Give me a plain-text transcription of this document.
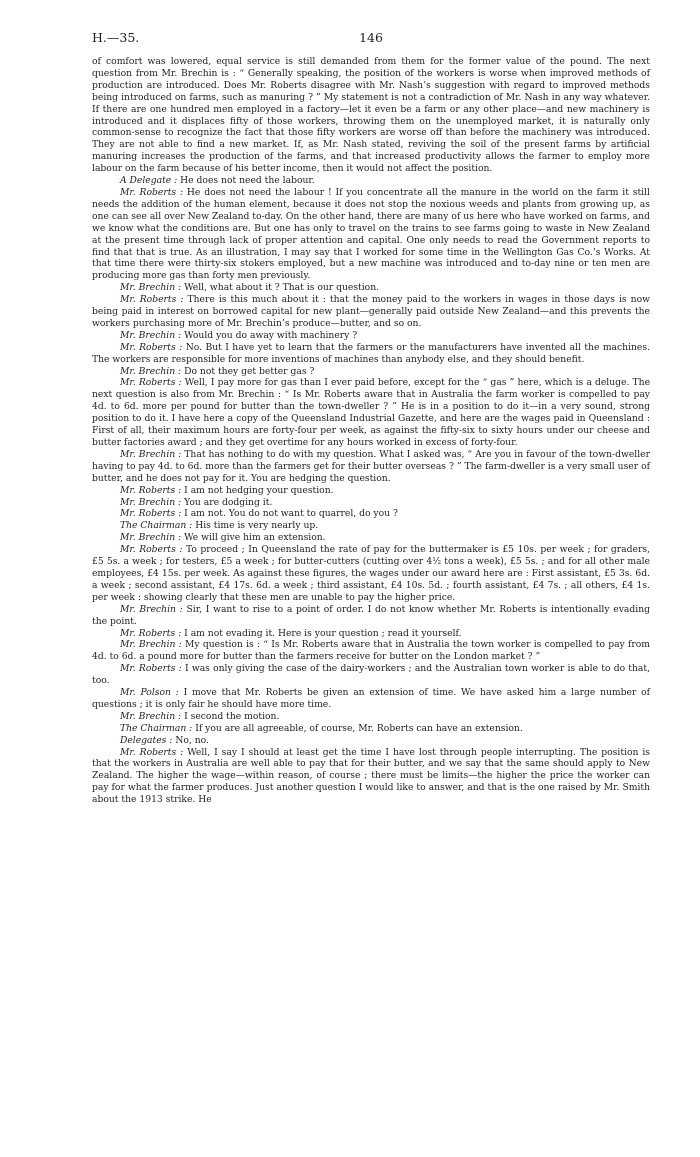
H.—35.	146

of comfort was lowered, equal service is still demanded from them for the former value of the pound. The next question from Mr. Brechin is : “ Generally speaking, the position of the workers is worse when improved methods of production are introduced. Does Mr. Roberts disagree with Mr. Nash’s suggestion with regard to improved methods being introduced on farms, such as manuring ? ” My statement is not a contradiction of Mr. Nash in any way whatever. If there are one hundred men employed in a factory—let it even be a farm or any other place—and new machinery is introduced and it displaces fifty of those workers, throwing them on the unemployed market, it is naturally only common-sense to recognize the fact that those fifty workers are worse off than before the machinery was introduced. They are not able to find a new market. If, as Mr. Nash stated, reviving the soil of the present farms by artificial manuring increases the production of the farms, and that increased productivity allows the farmer to employ more labour on the farm because of his better income, then it would not affect the position.

A Delegate : He does not need the labour.

Mr. Roberts : He does not need the labour ! If you concentrate all the manure in the world on the farm it still needs the addition of the human element, because it does not stop the noxious weeds and plants from growing up, as one can see all over New Zealand to-day. On the other hand, there are many of us here who have worked on farms, and we know what the conditions are. But one has only to travel on the trains to see farms going to waste in New Zealand at the present time through lack of proper attention and capital. One only needs to read the Government reports to find that that is true. As an illustration, I may say that I worked for some time in the Wellington Gas Co.’s Works. At that time there were thirty-six stokers employed, but a new machine was introduced and to-day nine or ten men are producing more gas than forty men previously.

Mr. Brechin : Well, what about it ? That is our question.

Mr. Roberts : There is this much about it : that the money paid to the workers in wages in those days is now being paid in interest on borrowed capital for new plant—generally paid outside New Zealand—and this prevents the workers purchasing more of Mr. Brechin’s produce—butter, and so on.

Mr. Brechin : Would you do away with machinery ?

Mr. Roberts : No. But I have yet to learn that the farmers or the manufacturers have invented all the machines. The workers are responsible for more inventions of machines than anybody else, and they should benefit.

Mr. Brechin : Do not they get better gas ?

Mr. Roberts : Well, I pay more for gas than I ever paid before, except for the “ gas ” here, which is a deluge. The next question is also from Mr. Brechin : “ Is Mr. Roberts aware that in Australia the farm worker is compelled to pay 4d. to 6d. more per pound for butter than the town-dweller ? ” He is in a position to do it—in a very sound, strong position to do it. I have here a copy of the Queensland Industrial Gazette, and here are the wages paid in Queensland : First of all, their maximum hours are forty-four per week, as against the fifty-six to sixty hours under our cheese and butter factories award ; and they get overtime for any hours worked in excess of forty-four.

Mr. Brechin : That has nothing to do with my question. What I asked was, “ Are you in favour of the town-dweller having to pay 4d. to 6d. more than the farmers get for their butter overseas ? ” The farm-dweller is a very small user of butter, and he does not pay for it. You are hedging the question.

Mr. Roberts : I am not hedging your question.

Mr. Brechin : You are dodging it.

Mr. Roberts : I am not. You do not want to quarrel, do you ?

The Chairman : His time is very nearly up.

Mr. Brechin : We will give him an extension.

Mr. Roberts : To proceed ; In Queensland the rate of pay for the buttermaker is £5 10s. per week ; for graders, £5 5s. a week ; for testers, £5 a week ; for butter-cutters (cutting over 4½ tons a week), £5 5s. ; and for all other male employees, £4 15s. per week. As against these figures, the wages under our award here are : First assistant, £5 3s. 6d. a week ; second assistant, £4 17s. 6d. a week ; third assistant, £4 10s. 5d. ; fourth assistant, £4 7s. ; all others, £4 1s. per week : showing clearly that these men are unable to pay the higher price.

Mr. Brechin : Sir, I want to rise to a point of order. I do not know whether Mr. Roberts is intentionally evading the point.

Mr. Roberts : I am not evading it. Here is your question ; read it yourself.

Mr. Brechin : My question is : “ Is Mr. Roberts aware that in Australia the town worker is compelled to pay from 4d. to 6d. a pound more for butter than the farmers receive for butter on the London market ? ”

Mr. Roberts : I was only giving the case of the dairy-workers ; and the Australian town worker is able to do that, too.

Mr. Polson : I move that Mr. Roberts be given an extension of time. We have asked him a large number of questions ; it is only fair he should have more time.

Mr. Brechin : I second the motion.

The Chairman : If you are all agreeable, of course, Mr. Roberts can have an extension.

Delegates : No, no.

Mr. Roberts : Well, I say I should at least get the time I have lost through people interrupting. The position is that the workers in Australia are well able to pay that for their butter, and we say that the same should apply to New Zealand. The higher the wage—within reason, of course ; there must be limits—the higher the price the worker can pay for what the farmer produces. Just another question I would like to answer, and that is the one raised by Mr. Smith about the 1913 strike. He
